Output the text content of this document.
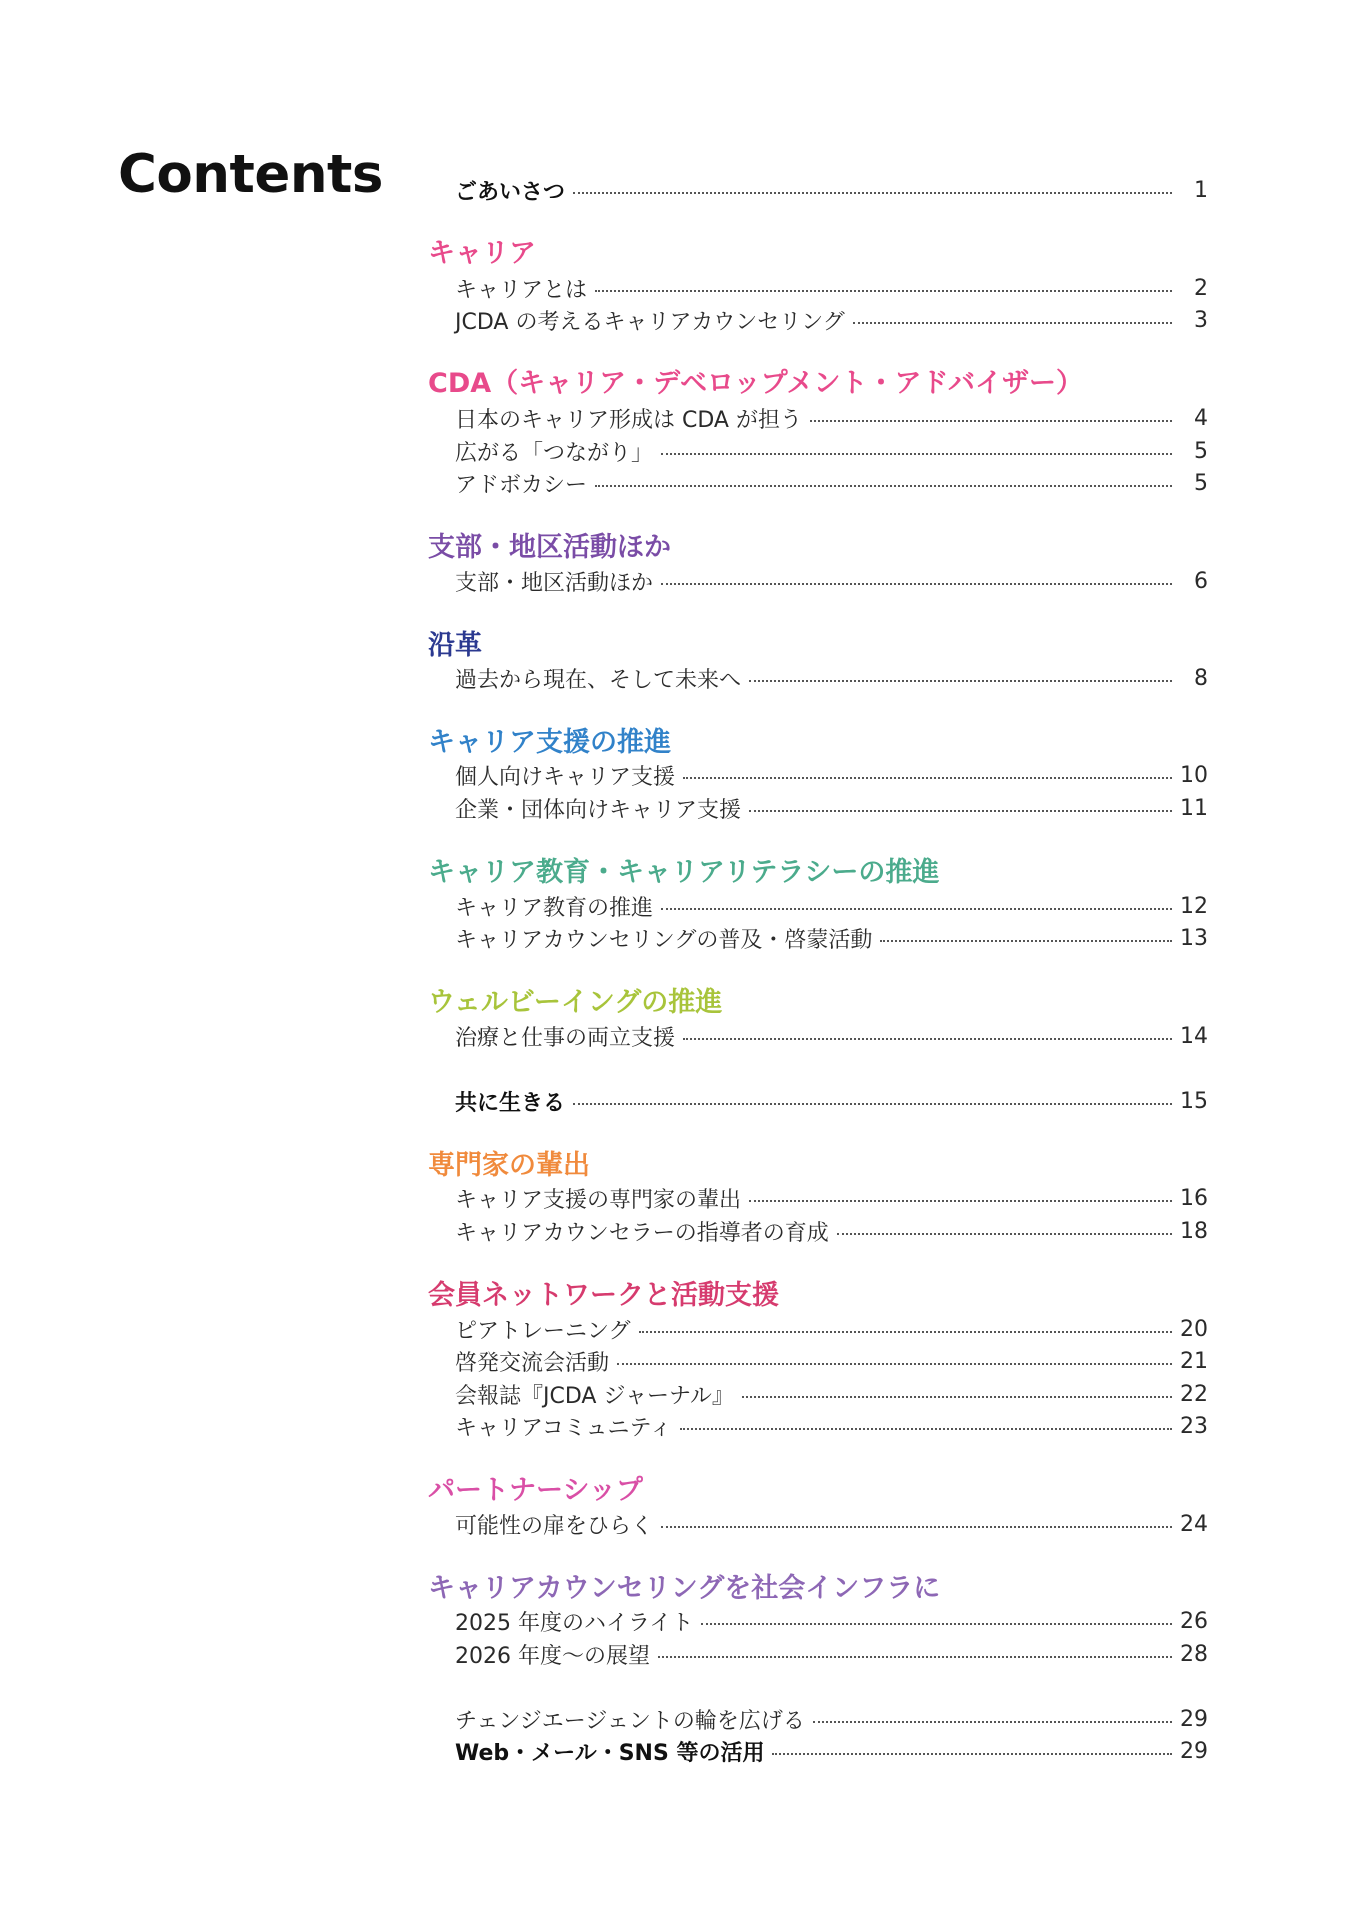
Contents	ごあいさつ	1
キャリア
キャリアとは	2
JCDA の考えるキャリアカウンセリング	3
CDA（キャリア・デベロップメント・アドバイザー）
日本のキャリア形成は CDA が担う	4
広がる「つながり」	5
アドボカシー	5
支部・地区活動ほか
支部・地区活動ほか	6
沿革
過去から現在、そして未来へ	8
キャリア支援の推進
個人向けキャリア支援	10
企業・団体向けキャリア支援	11
キャリア教育・キャリアリテラシーの推進
キャリア教育の推進	12
キャリアカウンセリングの普及・啓蒙活動	13
ウェルビーイングの推進
治療と仕事の両立支援	14
共に生きる	15
専門家の輩出
キャリア支援の専門家の輩出	16
キャリアカウンセラーの指導者の育成	18
会員ネットワークと活動支援
ピアトレーニング	20
啓発交流会活動	21
会報誌『JCDA ジャーナル』	22
キャリアコミュニティ	23
パートナーシップ
可能性の扉をひらく	24
キャリアカウンセリングを社会インフラに
2025 年度のハイライト	26
2026 年度〜の展望	28
チェンジエージェントの輪を広げる	29
Web・メール・SNS 等の活用	29
